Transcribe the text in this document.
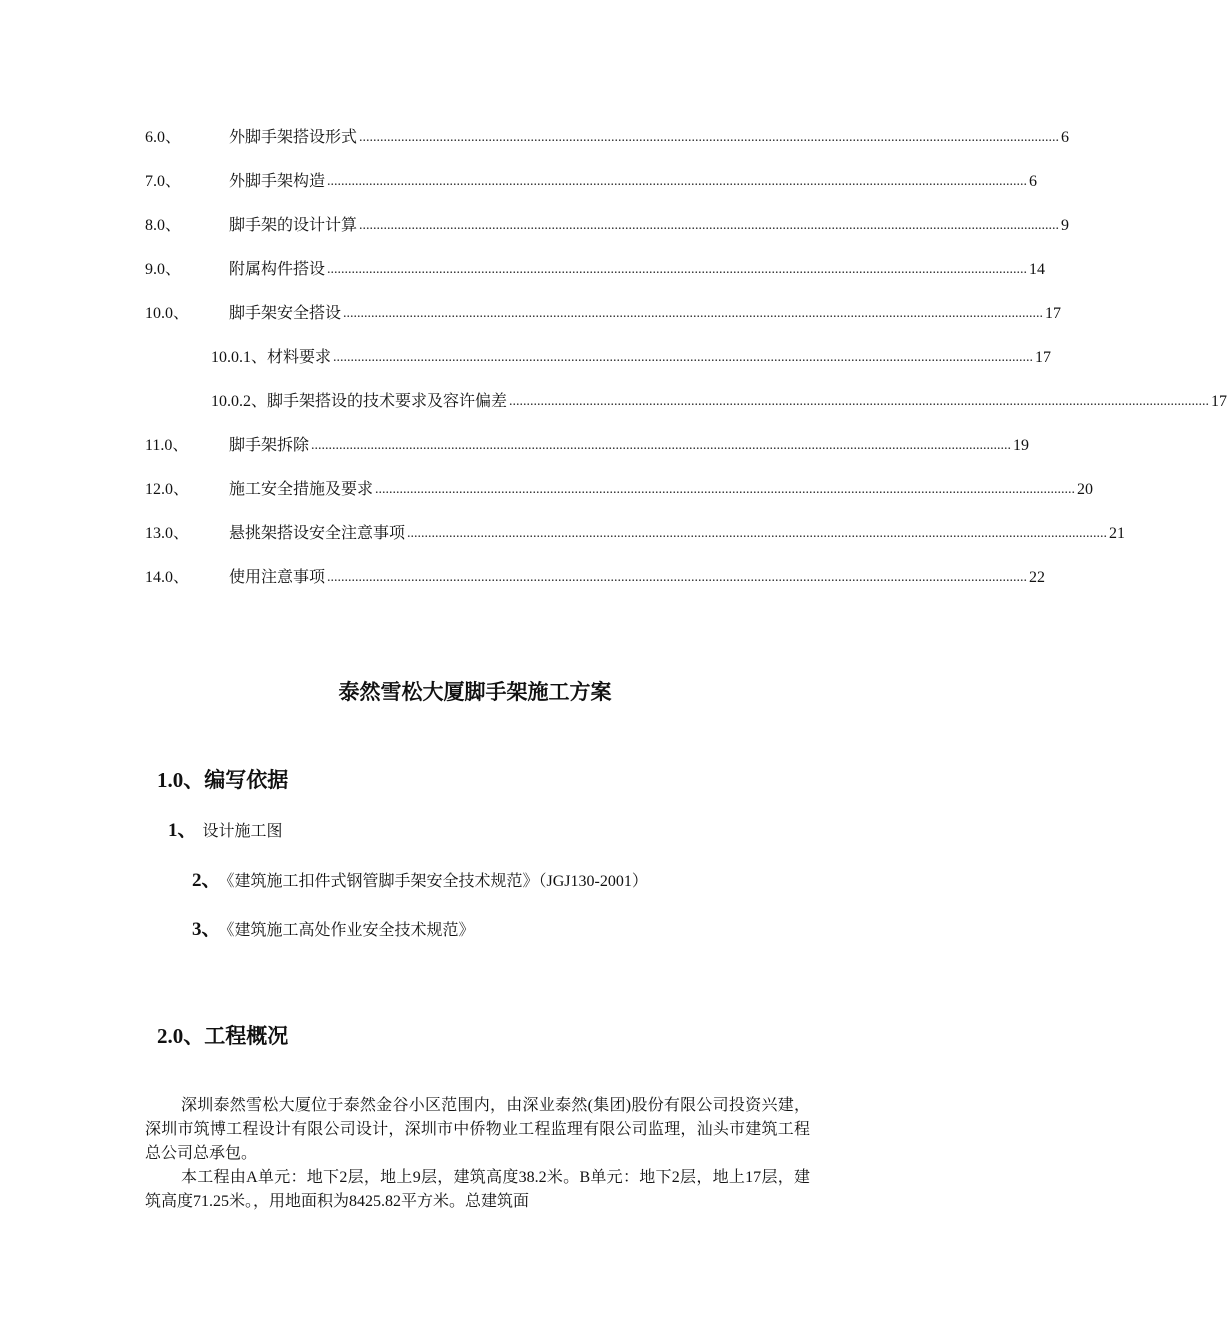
6.0、	外脚手架搭设形式 ........................................................................................................................................................................................................ 6
7.0、	外脚手架构造 ........................................................................................................................................................................................................ 6
8.0、	脚手架的设计计算 ........................................................................................................................................................................................................ 9
9.0、	附属构件搭设 ........................................................................................................................................................................................................ 14
10.0、	脚手架安全搭设 ........................................................................................................................................................................................................ 17
10.0.1、 材料要求 ........................................................................................................................................................................................................ 17
10.0.2、 脚手架搭设的技术要求及容许偏差 ........................................................................................................................................................................................................ 17
11.0、	脚手架拆除 ........................................................................................................................................................................................................ 19
12.0、	施工安全措施及要求 ........................................................................................................................................................................................................ 20
13.0、	悬挑架搭设安全注意事项 ........................................................................................................................................................................................................ 21
14.0、	使用注意事项 ........................................................................................................................................................................................................ 22
泰然雪松大厦脚手架施工方案
1.0、编写依据
1、 设计施工图
2、 《建筑施工扣件式钢管脚手架安全技术规范》（JGJ130-2001）
3、 《建筑施工高处作业安全技术规范》
2.0、工程概况
深圳泰然雪松大厦位于泰然金谷小区范围内，由深业泰然(集团)股份有限公司投资兴建，深圳市筑博工程设计有限公司设计，深圳市中侨物业工程监理有限公司监理，汕头市建筑工程总公司总承包。
本工程由A单元：地下2层，地上9层，建筑高度38.2米。B单元：地下2层，地上17层，建筑高度71.25米。，用地面积为8425.82平方米。总建筑面
